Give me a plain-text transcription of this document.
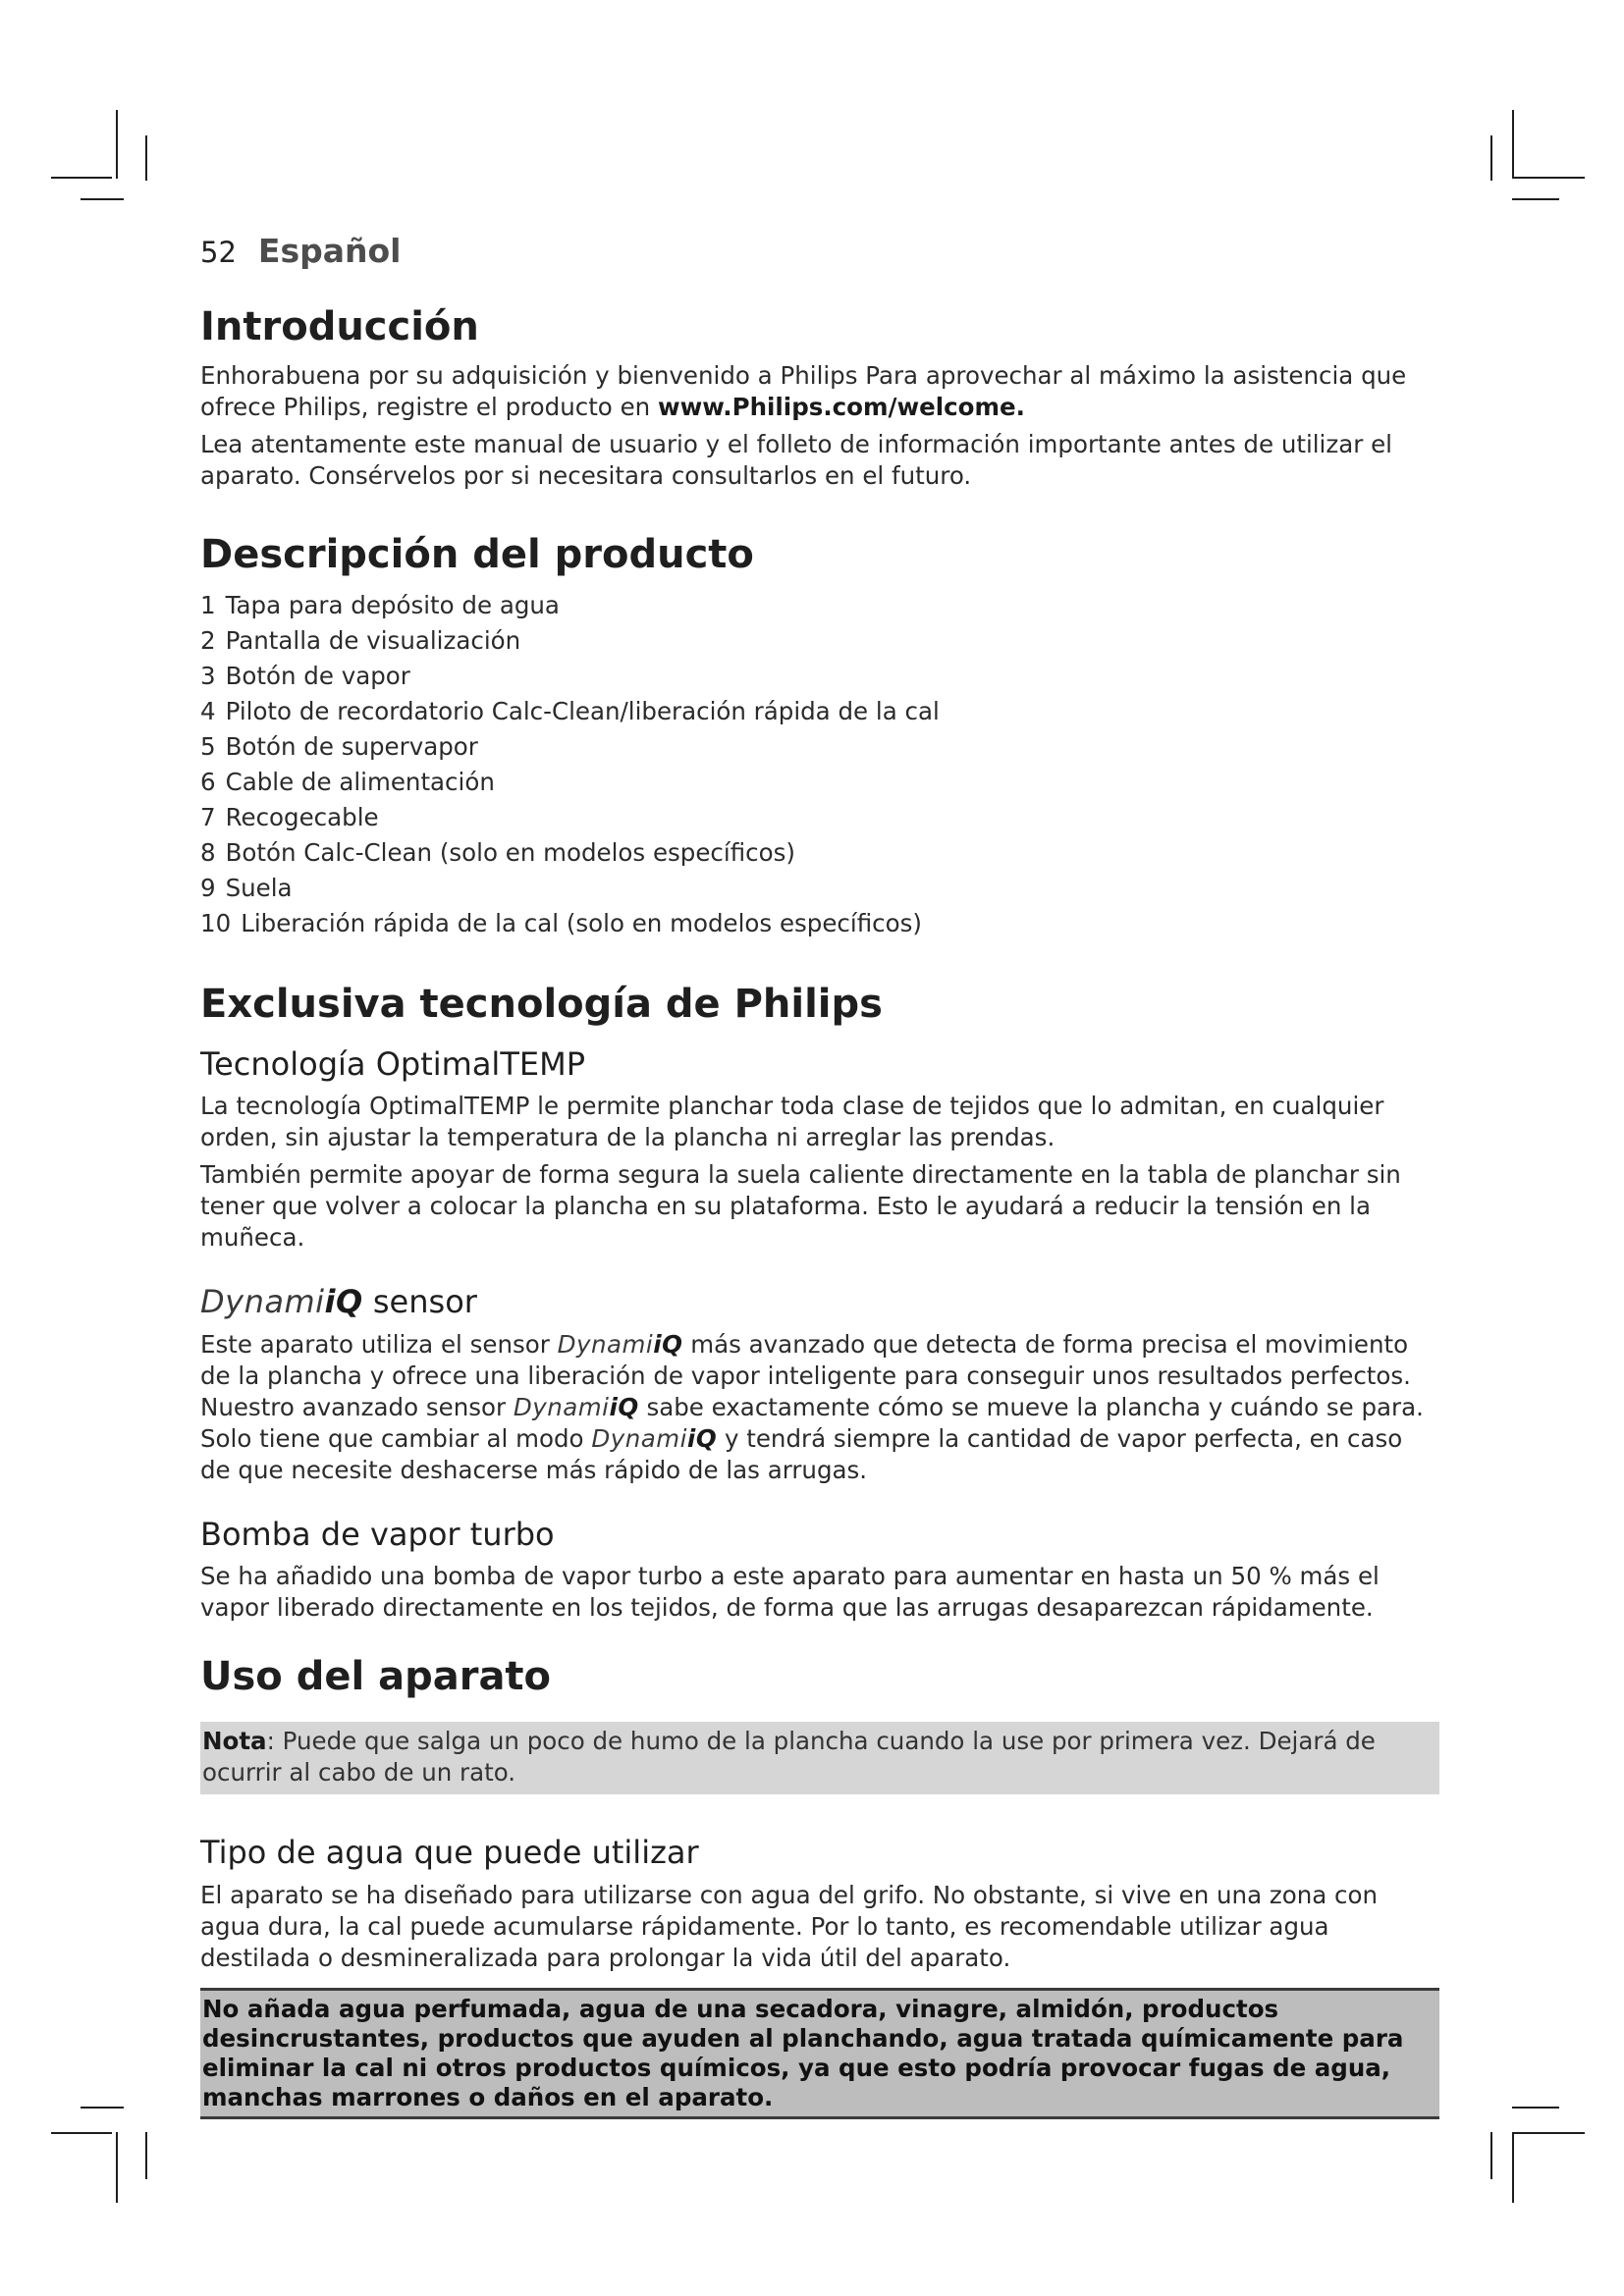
52 Español
Introducción

Enhorabuena por su adquisición y bienvenido a Philips Para aprovechar al máximo la asistencia que ofrece Philips, registre el producto en www.Philips.com/welcome.

Lea atentamente este manual de usuario y el folleto de información importante antes de utilizar el aparato. Consérvelos por si necesitara consultarlos en el futuro.

Descripción del producto
1 Tapa para depósito de agua
2 Pantalla de visualización
3 Botón de vapor
4 Piloto de recordatorio Calc-Clean/liberación rápida de la cal
5 Botón de supervapor
6 Cable de alimentación
7 Recogecable
8 Botón Calc-Clean (solo en modelos específicos)
9 Suela
10 Liberación rápida de la cal (solo en modelos específicos)
Exclusiva tecnología de Philips
Tecnología OptimalTEMP

La tecnología OptimalTEMP le permite planchar toda clase de tejidos que lo admitan, en cualquier orden, sin ajustar la temperatura de la plancha ni arreglar las prendas.

También permite apoyar de forma segura la suela caliente directamente en la tabla de planchar sin tener que volver a colocar la plancha en su plataforma. Esto le ayudará a reducir la tensión en la muñeca.

DynamiiQ sensor

Este aparato utiliza el sensor DynamiiQ más avanzado que detecta de forma precisa el movimiento de la plancha y ofrece una liberación de vapor inteligente para conseguir unos resultados perfectos.
Nuestro avanzado sensor DynamiiQ sabe exactamente cómo se mueve la plancha y cuándo se para.
Solo tiene que cambiar al modo DynamiiQ y tendrá siempre la cantidad de vapor perfecta, en caso de que necesite deshacerse más rápido de las arrugas.

Bomba de vapor turbo

Se ha añadido una bomba de vapor turbo a este aparato para aumentar en hasta un 50 % más el vapor liberado directamente en los tejidos, de forma que las arrugas desaparezcan rápidamente.

Uso del aparato
Nota: Puede que salga un poco de humo de la plancha cuando la use por primera vez. Dejará de ocurrir al cabo de un rato.
Tipo de agua que puede utilizar

El aparato se ha diseñado para utilizarse con agua del grifo. No obstante, si vive en una zona con agua dura, la cal puede acumularse rápidamente. Por lo tanto, es recomendable utilizar agua destilada o desmineralizada para prolongar la vida útil del aparato.

No añada agua perfumada, agua de una secadora, vinagre, almidón, productos desincrustantes, productos que ayuden al planchando, agua tratada químicamente para eliminar la cal ni otros productos químicos, ya que esto podría provocar fugas de agua, manchas marrones o daños en el aparato.
